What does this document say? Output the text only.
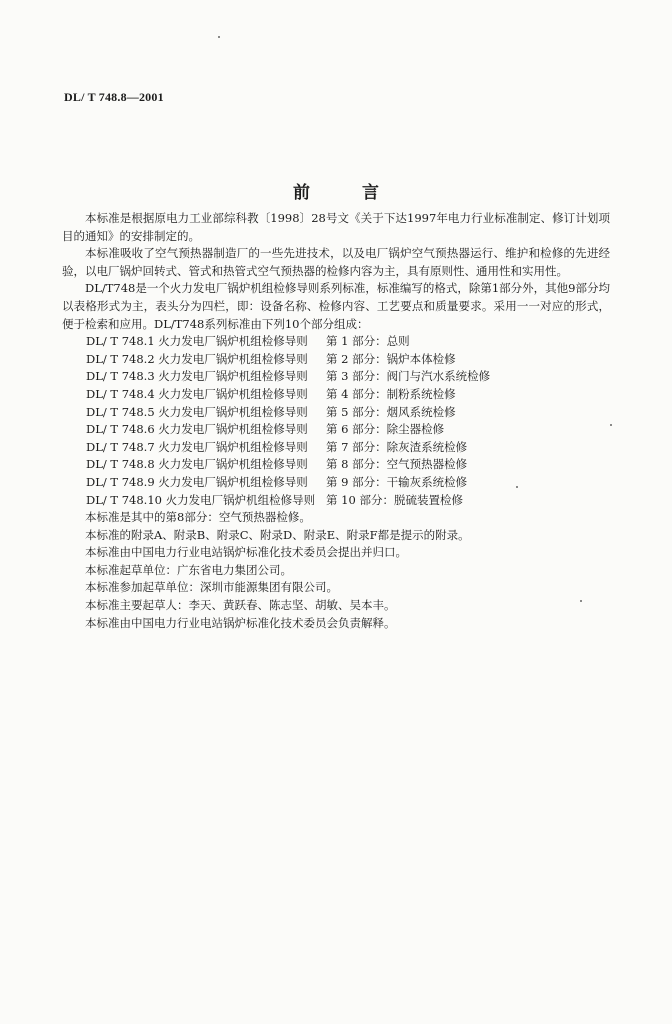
DL/ T 748.8—2001
前言

本标准是根据原电力工业部综科教〔1998〕28号文《关于下达1997年电力行业标准制定、修订计划项目的通知》的安排制定的。

本标准吸收了空气预热器制造厂的一些先进技术，以及电厂锅炉空气预热器运行、维护和检修的先进经验，以电厂锅炉回转式、管式和热管式空气预热器的检修内容为主，具有原则性、通用性和实用性。

DL/T748是一个火力发电厂锅炉机组检修导则系列标准，标准编写的格式，除第1部分外，其他9部分均以表格形式为主，表头分为四栏，即：设备名称、检修内容、工艺要点和质量要求。采用一一对应的形式，便于检索和应用。DL/T748系列标准由下列10个部分组成：

DL/ T 748.1 火力发电厂锅炉机组检修导则	第 1 部分：总则
DL/ T 748.2 火力发电厂锅炉机组检修导则	第 2 部分：锅炉本体检修
DL/ T 748.3 火力发电厂锅炉机组检修导则	第 3 部分：阀门与汽水系统检修
DL/ T 748.4 火力发电厂锅炉机组检修导则	第 4 部分：制粉系统检修
DL/ T 748.5 火力发电厂锅炉机组检修导则	第 5 部分：烟风系统检修
DL/ T 748.6 火力发电厂锅炉机组检修导则	第 6 部分：除尘器检修
DL/ T 748.7 火力发电厂锅炉机组检修导则	第 7 部分：除灰渣系统检修
DL/ T 748.8 火力发电厂锅炉机组检修导则	第 8 部分：空气预热器检修
DL/ T 748.9 火力发电厂锅炉机组检修导则	第 9 部分：干输灰系统检修
DL/ T 748.10 火力发电厂锅炉机组检修导则 第 10 部分：脱硫装置检修

本标准是其中的第8部分：空气预热器检修。

本标准的附录A、附录B、附录C、附录D、附录E、附录F都是提示的附录。

本标准由中国电力行业电站锅炉标准化技术委员会提出并归口。

本标准起草单位：广东省电力集团公司。

本标准参加起草单位：深圳市能源集团有限公司。

本标准主要起草人：李天、黄跃春、陈志坚、胡敏、吴本丰。

本标准由中国电力行业电站锅炉标准化技术委员会负责解释。
